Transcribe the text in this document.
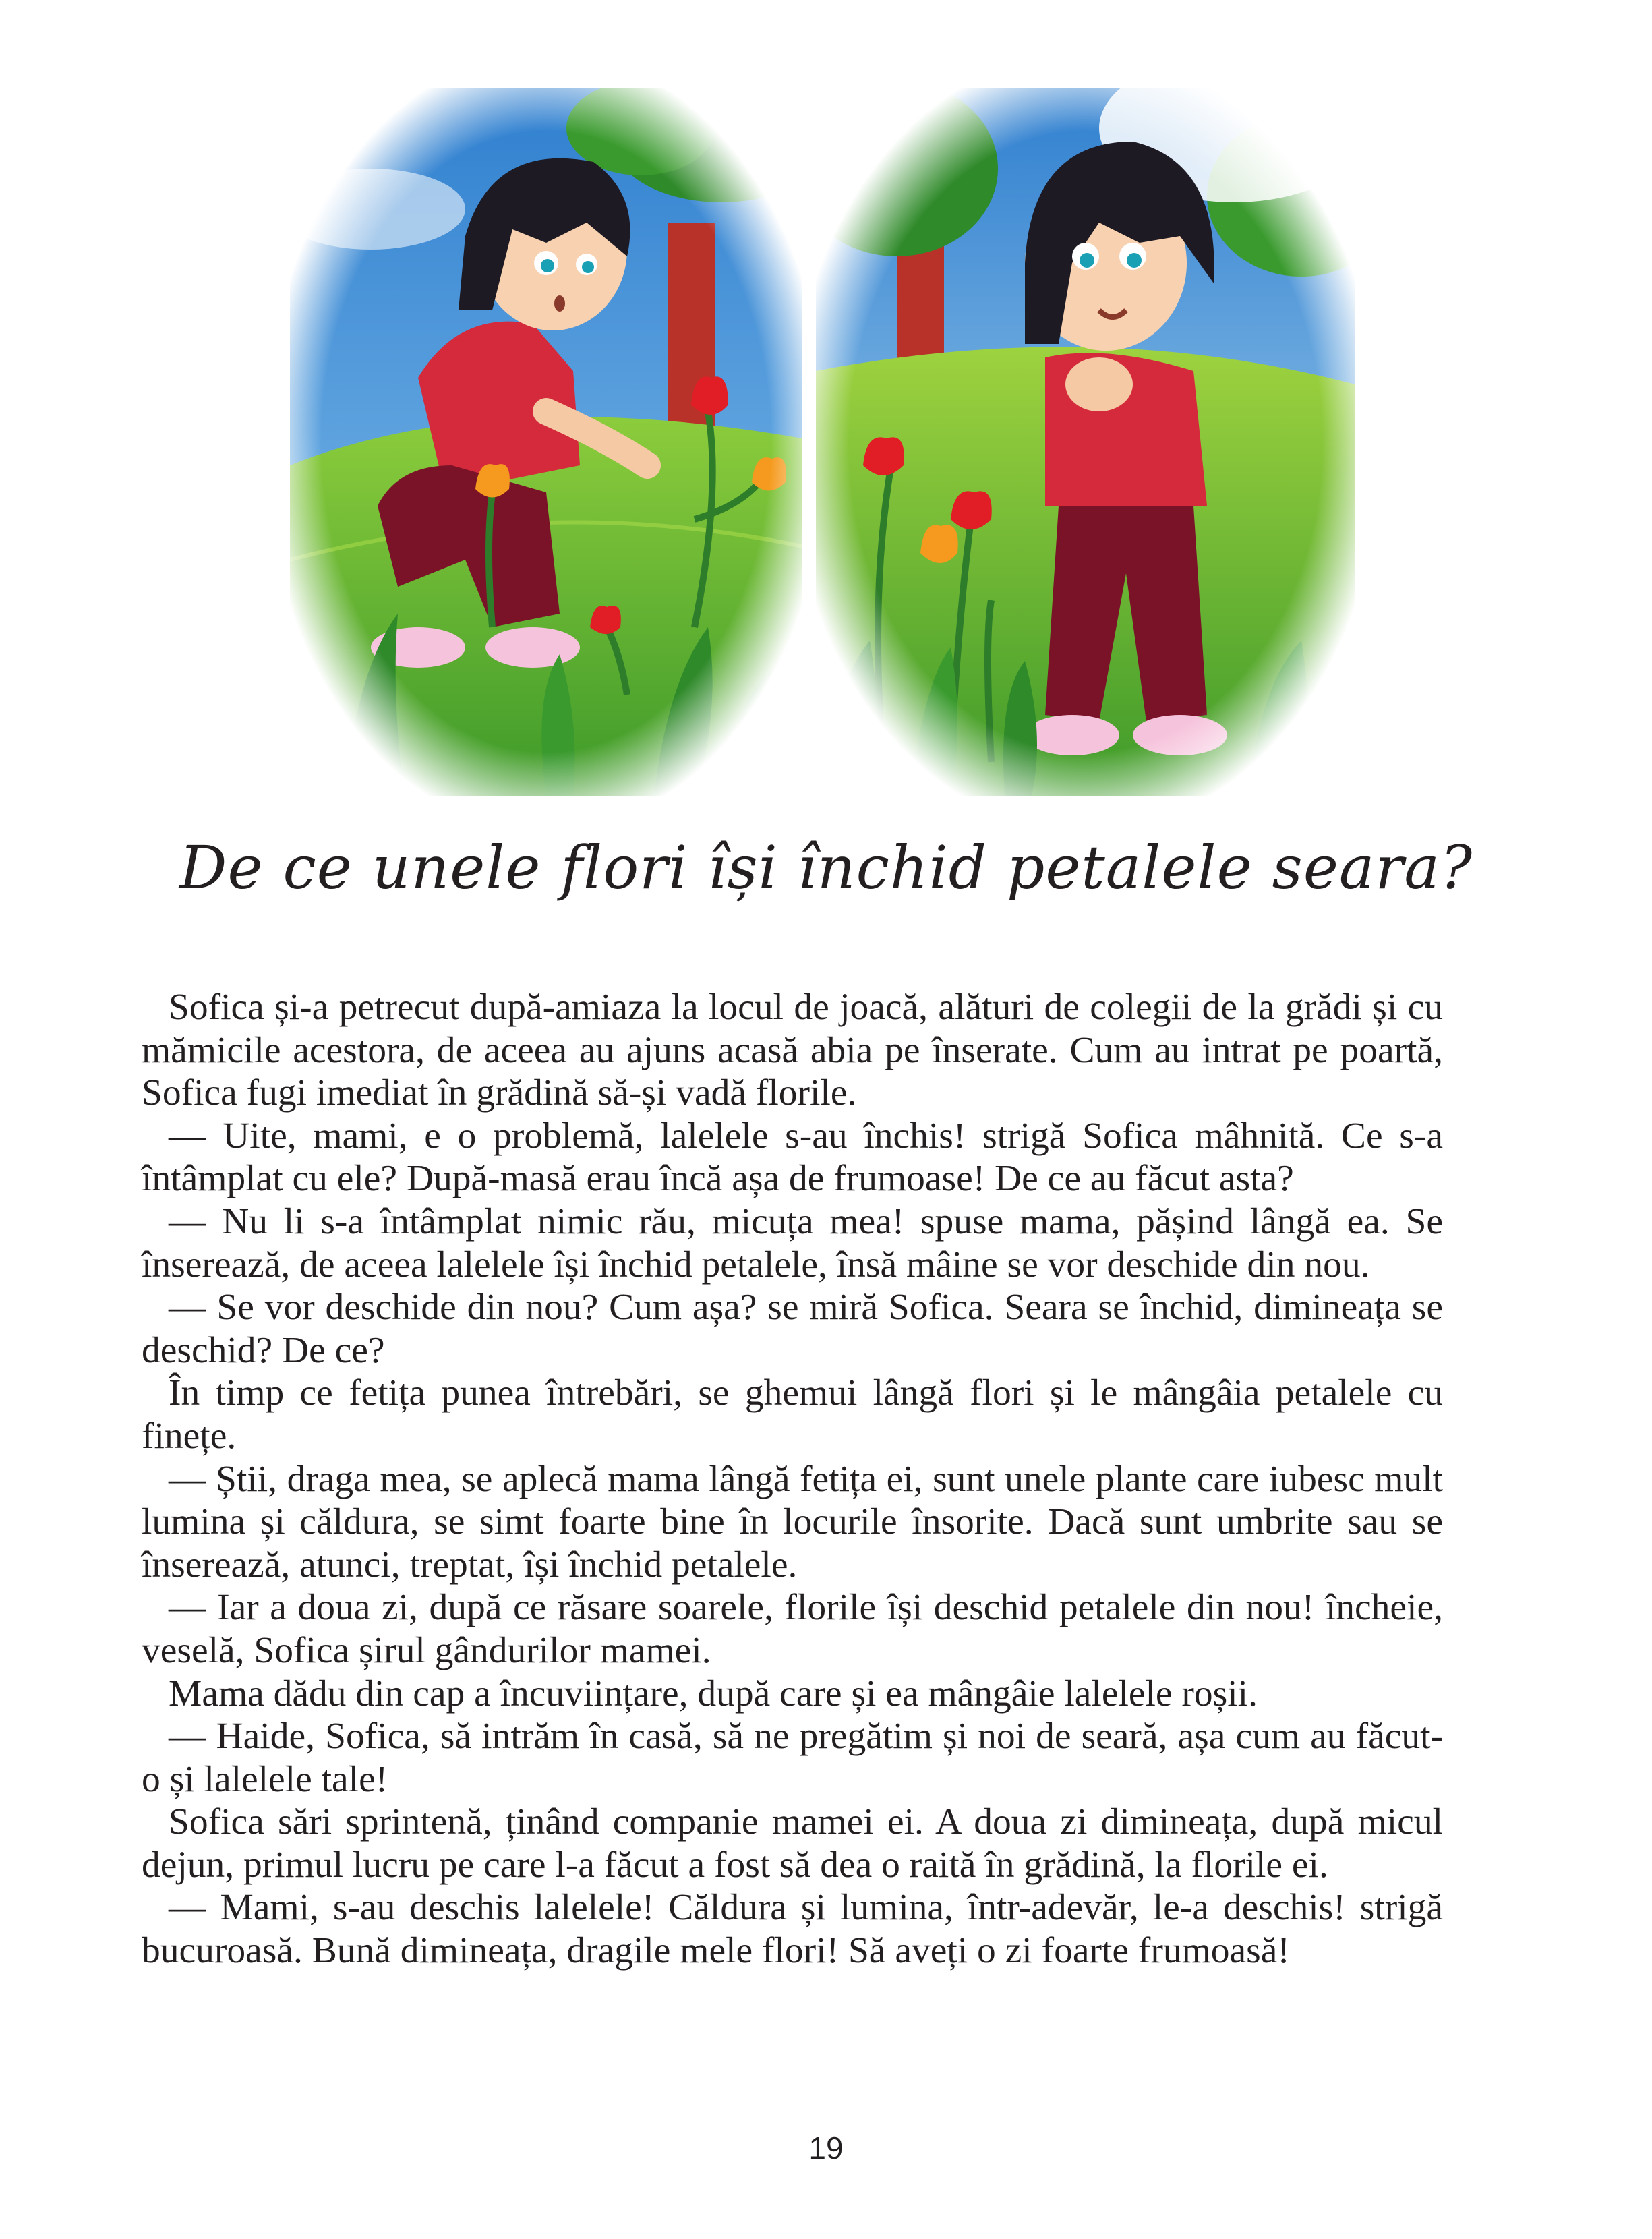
De ce unele flori își închid petalele seara?

Sofica și-a petrecut după-amiaza la locul de joacă, alături de colegii de la grădi și cu mămicile acestora, de aceea au ajuns acasă abia pe înserate. Cum au intrat pe poartă, Sofica fugi imediat în grădină să-și vadă florile.

— Uite, mami, e o problemă, lalelele s-au închis! strigă Sofica mâhnită. Ce s-a întâmplat cu ele? După-masă erau încă așa de frumoase! De ce au făcut asta?

— Nu li s-a întâmplat nimic rău, micuța mea! spuse mama, pășind lângă ea. Se înserează, de aceea lalelele își închid petalele, însă mâine se vor deschide din nou.

— Se vor deschide din nou? Cum așa? se miră Sofica. Seara se închid, dimineața se deschid? De ce?

În timp ce fetița punea întrebări, se ghemui lângă flori și le mângâia petalele cu finețe.

— Știi, draga mea, se aplecă mama lângă fetița ei, sunt unele plante care iubesc mult lumina și căldura, se simt foarte bine în locurile însorite. Dacă sunt umbrite sau se înserează, atunci, treptat, își închid petalele.

— Iar a doua zi, după ce răsare soarele, florile își deschid petalele din nou! încheie, veselă, Sofica șirul gândurilor mamei.

Mama dădu din cap a încuviințare, după care și ea mângâie lalelele roșii.

— Haide, Sofica, să intrăm în casă, să ne pregătim și noi de seară, așa cum au făcut-o și lalelele tale!

Sofica sări sprintenă, ținând companie mamei ei. A doua zi dimineața, după micul dejun, primul lucru pe care l-a făcut a fost să dea o raită în grădină, la florile ei.

— Mami, s-au deschis lalelele! Căldura și lumina, într-adevăr, le-a deschis! strigă bucuroasă. Bună dimineața, dragile mele flori! Să aveți o zi foarte frumoasă!

19
